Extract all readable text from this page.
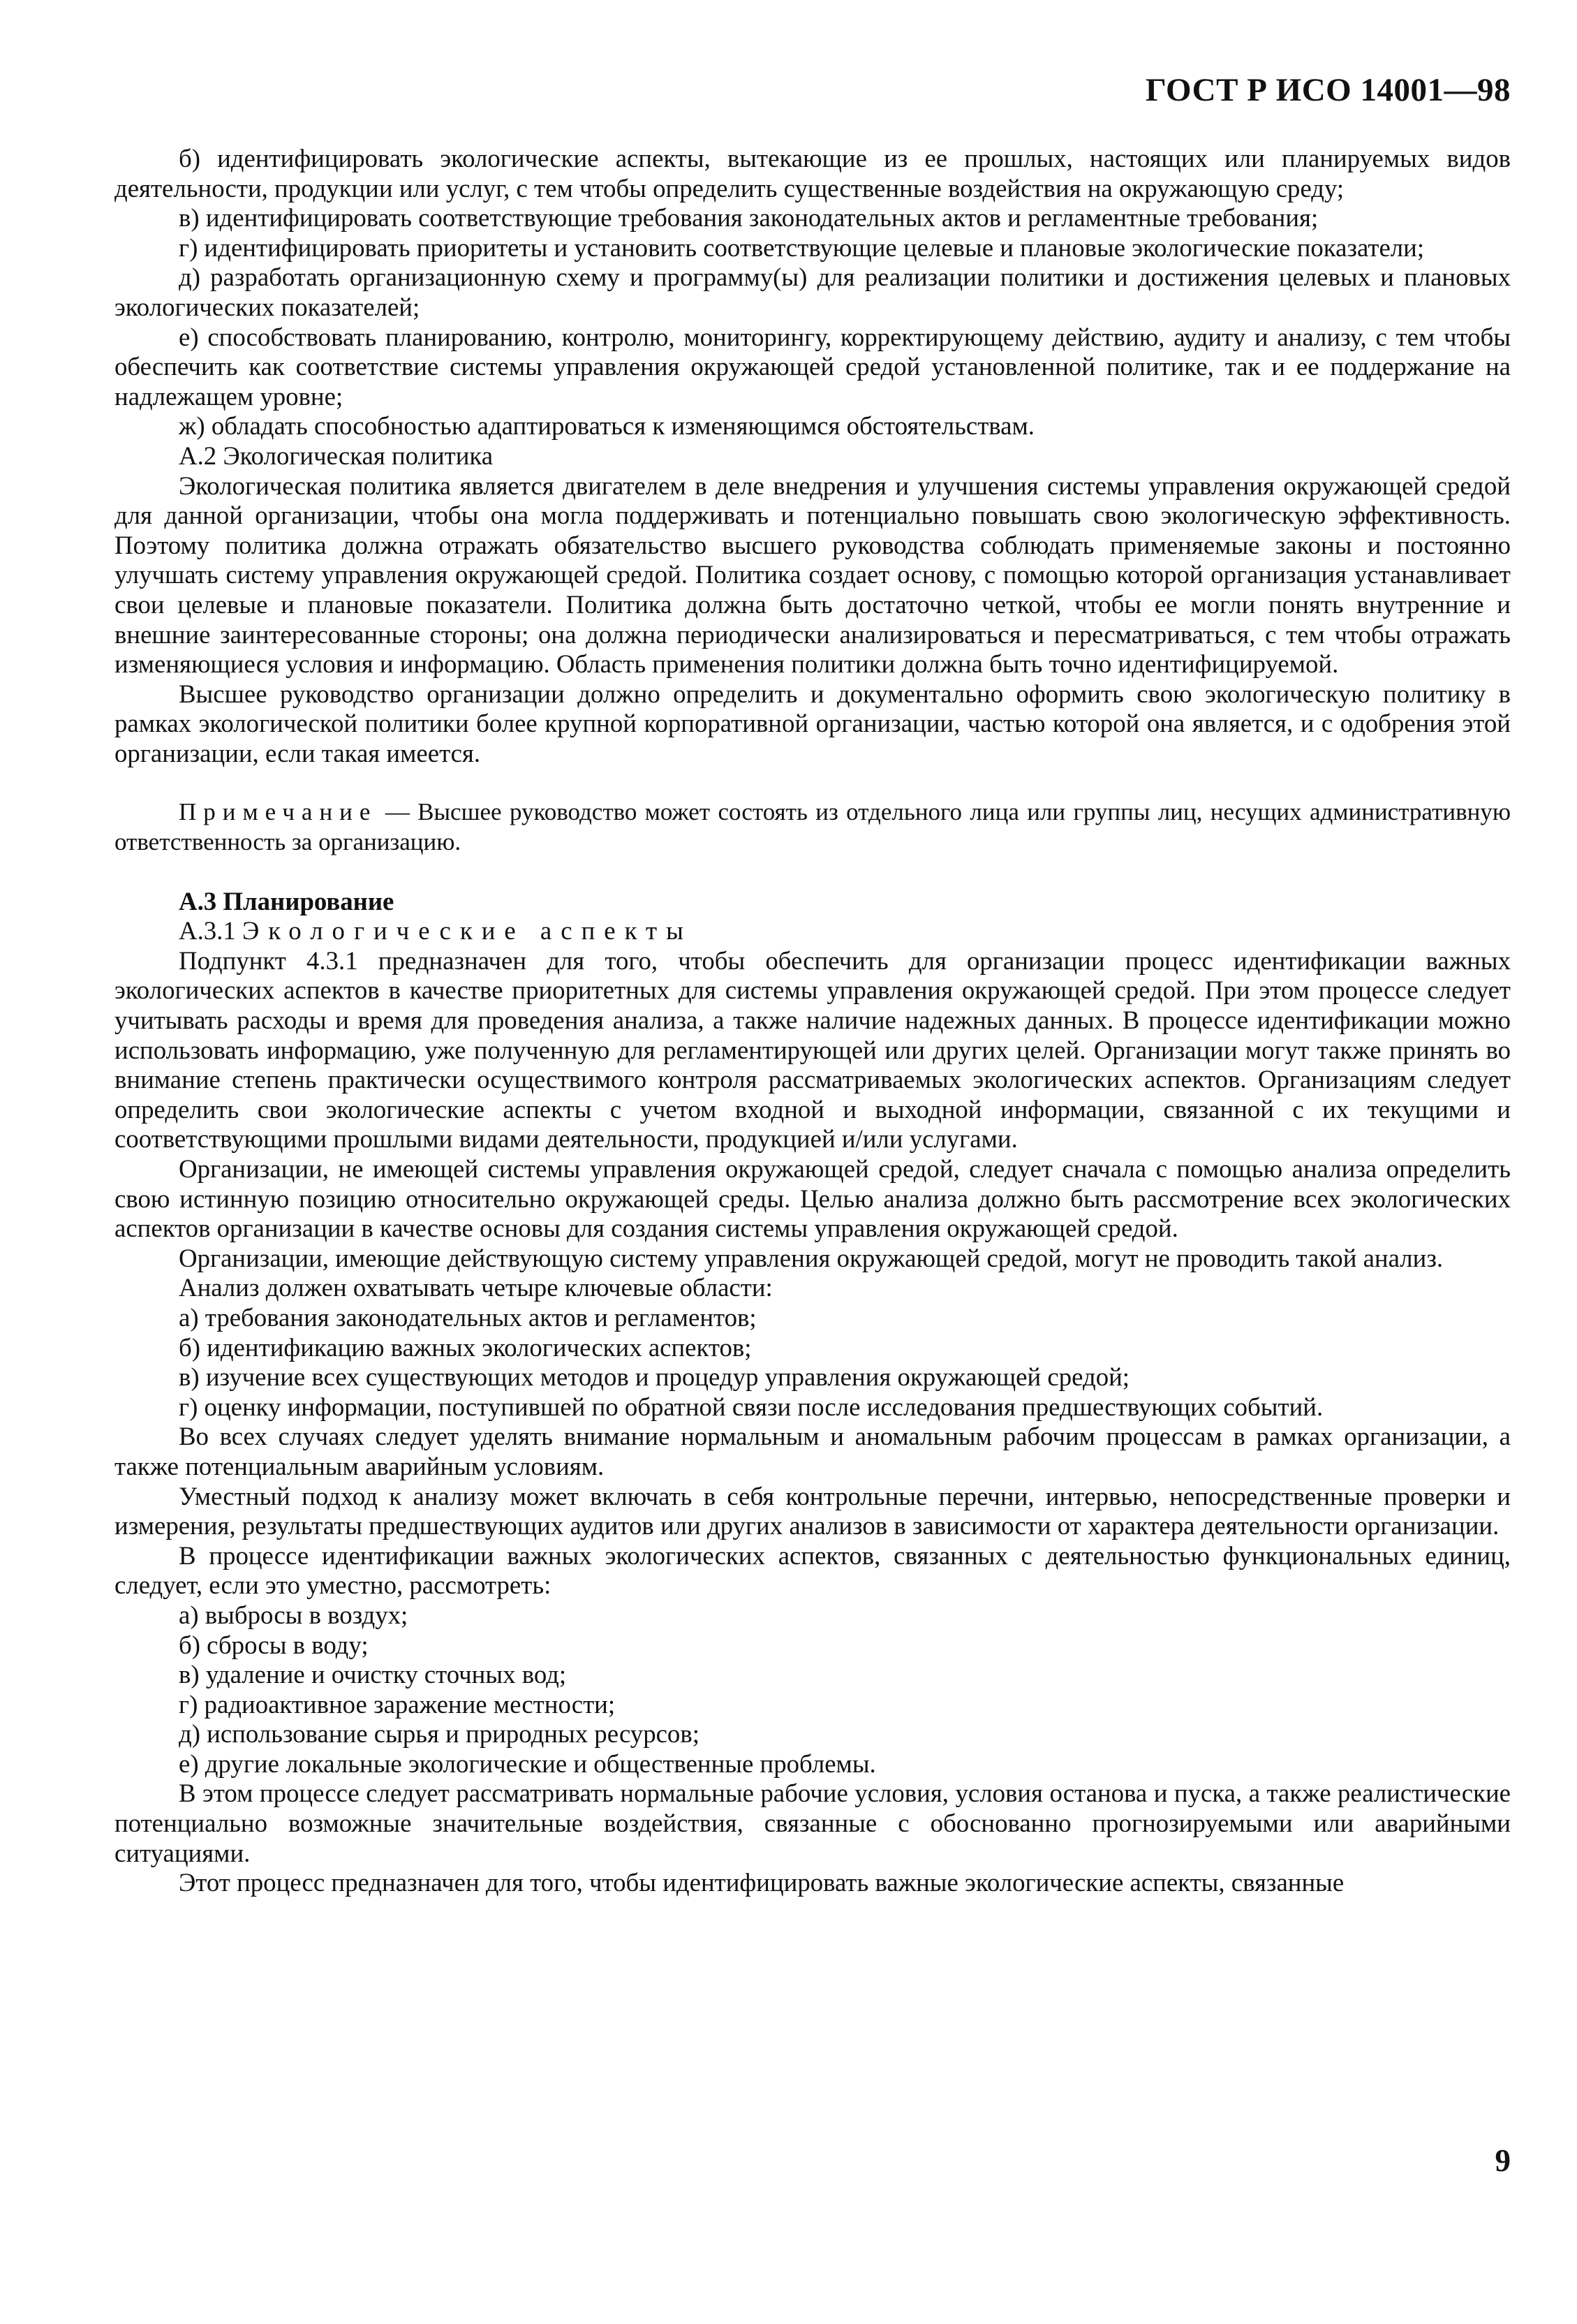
ГОСТ Р ИСО 14001—98

б) идентифицировать экологические аспекты, вытекающие из ее прошлых, настоящих или планируемых видов деятельности, продукции или услуг, с тем чтобы определить существенные воздействия на окружающую среду;

в) идентифицировать соответствующие требования законодательных актов и регламентные требования;

г) идентифицировать приоритеты и установить соответствующие целевые и плановые экологические показатели;

д) разработать организационную схему и программу(ы) для реализации политики и достижения целевых и плановых экологических показателей;

е) способствовать планированию, контролю, мониторингу, корректирующему действию, аудиту и анализу, с тем чтобы обеспечить как соответствие системы управления окружающей средой установленной политике, так и ее поддержание на надлежащем уровне;

ж) обладать способностью адаптироваться к изменяющимся обстоятельствам.

А.2 Экологическая политика

Экологическая политика является двигателем в деле внедрения и улучшения системы управления окружающей средой для данной организации, чтобы она могла поддерживать и потенциально повышать свою экологическую эффективность. Поэтому политика должна отражать обязательство высшего руководства соблюдать применяемые законы и постоянно улучшать систему управления окружающей средой. Политика создает основу, с помощью которой организация устанавливает свои целевые и плановые показатели. Политика должна быть достаточно четкой, чтобы ее могли понять внутренние и внешние заинтересованные стороны; она должна периодически анализироваться и пересматриваться, с тем чтобы отражать изменяющиеся условия и информацию. Область применения политики должна быть точно идентифицируемой.

Высшее руководство организации должно определить и документально оформить свою экологическую политику в рамках экологической политики более крупной корпоративной организации, частью которой она является, и с одобрения этой организации, если такая имеется.

Примечание — Высшее руководство может состоять из отдельного лица или группы лиц, несущих административную ответственность за организацию.

А.3 Планирование

А.3.1 Экологические аспекты

Подпункт 4.3.1 предназначен для того, чтобы обеспечить для организации процесс идентификации важных экологических аспектов в качестве приоритетных для системы управления окружающей средой. При этом процессе следует учитывать расходы и время для проведения анализа, а также наличие надежных данных. В процессе идентификации можно использовать информацию, уже полученную для регламентирующей или других целей. Организации могут также принять во внимание степень практически осуществимого контроля рассматриваемых экологических аспектов. Организациям следует определить свои экологические аспекты с учетом входной и выходной информации, связанной с их текущими и соответствующими прошлыми видами деятельности, продукцией и/или услугами.

Организации, не имеющей системы управления окружающей средой, следует сначала с помощью анализа определить свою истинную позицию относительно окружающей среды. Целью анализа должно быть рассмотрение всех экологических аспектов организации в качестве основы для создания системы управления окружающей средой.

Организации, имеющие действующую систему управления окружающей средой, могут не проводить такой анализ.

Анализ должен охватывать четыре ключевые области:

а) требования законодательных актов и регламентов;

б) идентификацию важных экологических аспектов;

в) изучение всех существующих методов и процедур управления окружающей средой;

г) оценку информации, поступившей по обратной связи после исследования предшествующих событий.

Во всех случаях следует уделять внимание нормальным и аномальным рабочим процессам в рамках организации, а также потенциальным аварийным условиям.

Уместный подход к анализу может включать в себя контрольные перечни, интервью, непосредственные проверки и измерения, результаты предшествующих аудитов или других анализов в зависимости от характера деятельности организации.

В процессе идентификации важных экологических аспектов, связанных с деятельностью функциональных единиц, следует, если это уместно, рассмотреть:

а) выбросы в воздух;

б) сбросы в воду;

в) удаление и очистку сточных вод;

г) радиоактивное заражение местности;

д) использование сырья и природных ресурсов;

е) другие локальные экологические и общественные проблемы.

В этом процессе следует рассматривать нормальные рабочие условия, условия останова и пуска, а также реалистические потенциально возможные значительные воздействия, связанные с обоснованно прогнозируемыми или аварийными ситуациями.

Этот процесс предназначен для того, чтобы идентифицировать важные экологические аспекты, связанные

9
